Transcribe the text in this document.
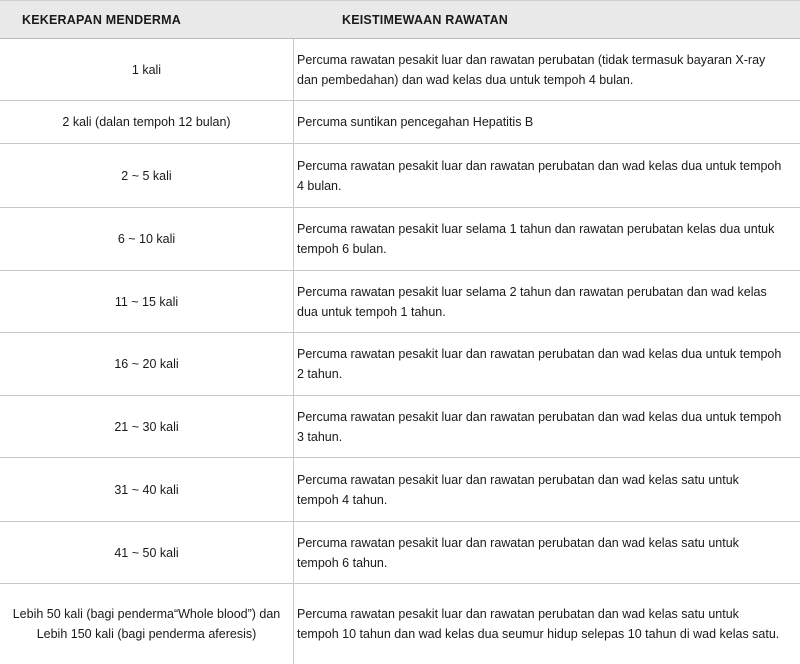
KEKERAPAN MENDERMA	KEISTIMEWAAN RAWATAN
1 kali
Percuma rawatan pesakit luar dan rawatan perubatan (tidak termasuk bayaran X-ray dan pembedahan) dan wad kelas dua untuk tempoh 4 bulan.
2 kali (dalan tempoh 12 bulan)	Percuma suntikan pencegahan Hepatitis B
2 ~ 5 kali
Percuma rawatan pesakit luar dan rawatan perubatan dan wad kelas dua untuk tempoh 4 bulan.
6 ~ 10 kali
Percuma rawatan pesakit luar selama 1 tahun dan rawatan perubatan kelas dua untuk tempoh 6 bulan.
11 ~ 15 kali
Percuma rawatan pesakit luar selama 2 tahun dan rawatan perubatan dan wad kelas dua untuk tempoh 1 tahun.
16 ~ 20 kali
Percuma rawatan pesakit luar dan rawatan perubatan dan wad kelas dua untuk tempoh 2 tahun.
21 ~ 30 kali
Percuma rawatan pesakit luar dan rawatan perubatan dan wad kelas dua untuk tempoh 3 tahun.
31 ~ 40 kali
Percuma rawatan pesakit luar dan rawatan perubatan dan wad kelas satu untuk tempoh 4 tahun.
41 ~ 50 kali
Percuma rawatan pesakit luar dan rawatan perubatan dan wad kelas satu untuk tempoh 6 tahun.
Lebih 50 kali (bagi penderma“Whole blood”) dan Lebih 150 kali (bagi penderma aferesis)
Percuma rawatan pesakit luar dan rawatan perubatan dan wad kelas satu untuk tempoh 10 tahun dan wad kelas dua seumur hidup selepas 10 tahun di wad kelas satu.
